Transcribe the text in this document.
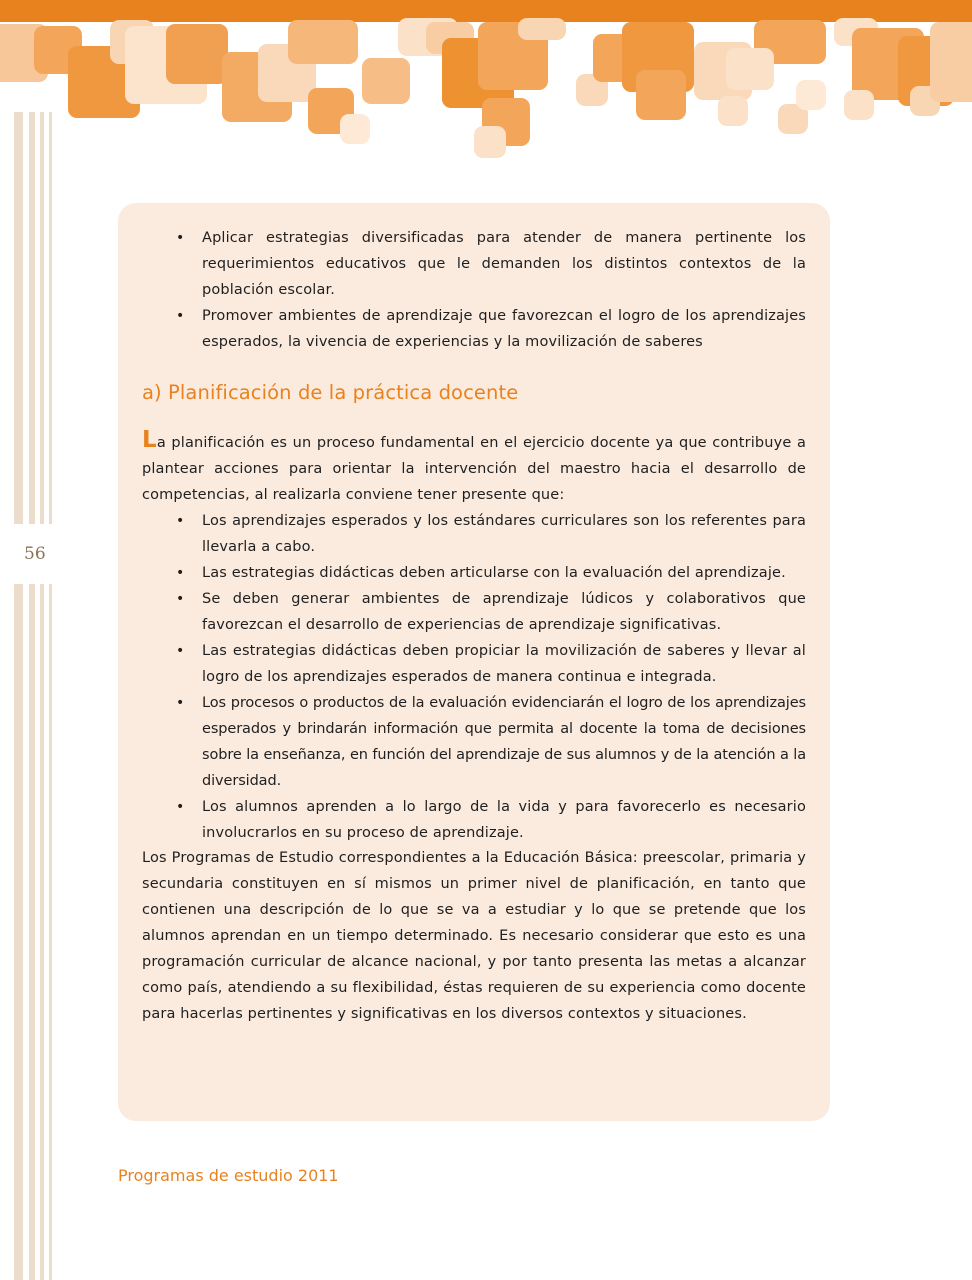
56
• Aplicar estrategias diversificadas para atender de manera pertinente los requerimientos educativos que le demanden los distintos contextos de la población escolar.
• Promover ambientes de aprendizaje que favorezcan el logro de los aprendizajes esperados, la vivencia de experiencias y la movilización de saberes
a) Planificación de la práctica docente

La planificación es un proceso fundamental en el ejercicio docente ya que contribuye a plantear acciones para orientar la intervención del maestro hacia el desarrollo de competencias, al realizarla conviene tener presente que:

• Los aprendizajes esperados y los estándares curriculares son los referentes para llevarla a cabo.
• Las estrategias didácticas deben articularse con la evaluación del aprendizaje.
• Se deben generar ambientes de aprendizaje lúdicos y colaborativos que favorezcan el desarrollo de experiencias de aprendizaje significativas.
• Las estrategias didácticas deben propiciar la movilización de saberes y llevar al logro de los aprendizajes esperados de manera continua e integrada.
• Los procesos o productos de la evaluación evidenciarán el logro de los aprendizajes esperados y brindarán información que permita al docente la toma de decisiones sobre la enseñanza, en función del aprendizaje de sus alumnos y de la atención a la diversidad.
• Los alumnos aprenden a lo largo de la vida y para favorecerlo es necesario involucrarlos en su proceso de aprendizaje.

Los Programas de Estudio correspondientes a la Educación Básica: preescolar, primaria y secundaria constituyen en sí mismos un primer nivel de planificación, en tanto que contienen una descripción de lo que se va a estudiar y lo que se pretende que los alumnos aprendan en un tiempo determinado. Es necesario considerar que esto es una programación curricular de alcance nacional, y por tanto presenta las metas a alcanzar como país, atendiendo a su flexibilidad, éstas requieren de su experiencia como docente para hacerlas pertinentes y significativas en los diversos contextos y situaciones.

Programas de estudio 2011
